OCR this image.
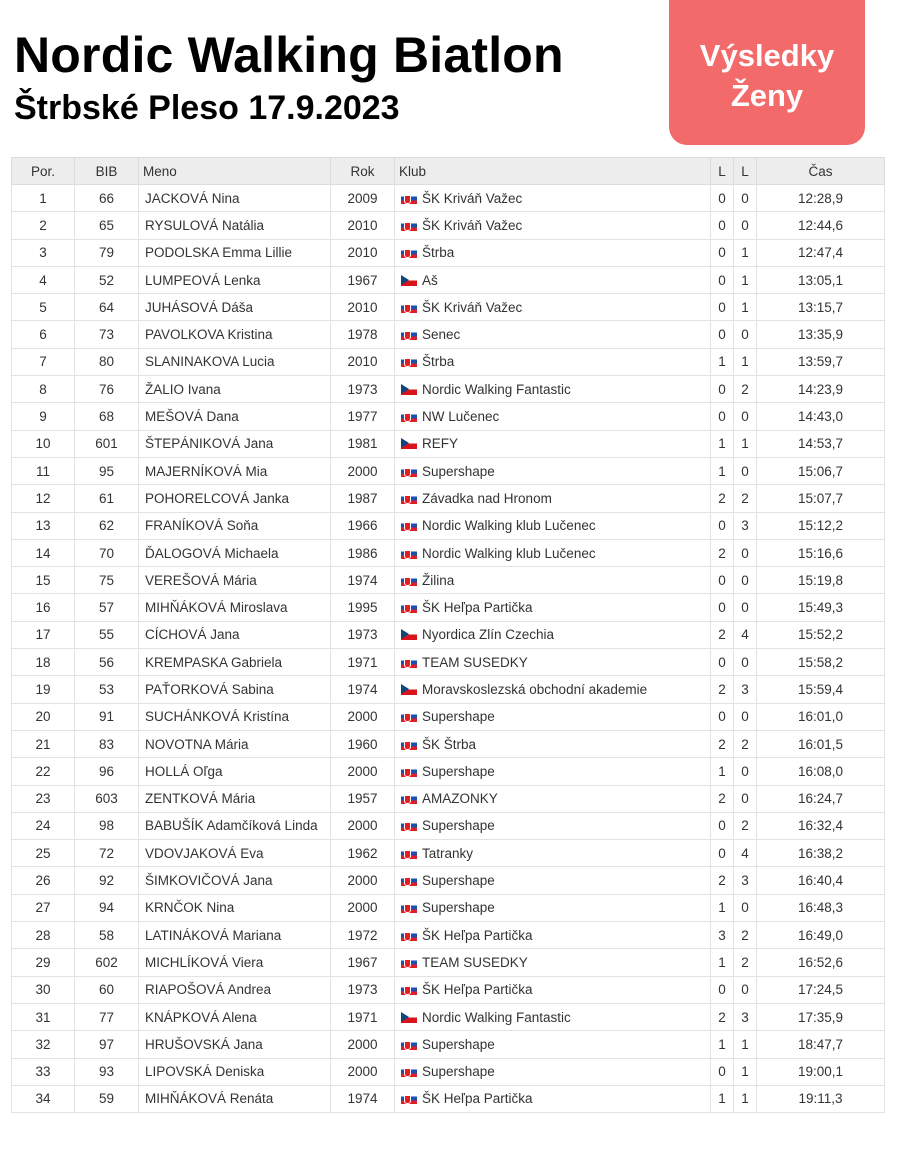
Nordic Walking Biatlon
Štrbské Pleso 17.9.2023
Výsledky
Ženy
Por.	BIB	Meno	Rok	Klub	L	L	Čas
1	66	JACKOVÁ Nina	2009	ŠK Kriváň Važec	0	0	12:28,9
2	65	RYSULOVÁ Natália	2010	ŠK Kriváň Važec	0	0	12:44,6
3	79	PODOLSKA Emma Lillie	2010	Štrba	0	1	12:47,4
4	52	LUMPEOVÁ Lenka	1967	Aš	0	1	13:05,1
5	64	JUHÁSOVÁ Dáša	2010	ŠK Kriváň Važec	0	1	13:15,7
6	73	PAVOLKOVA Kristina	1978	Senec	0	0	13:35,9
7	80	SLANINAKOVA Lucia	2010	Štrba	1	1	13:59,7
8	76	ŽALIO Ivana	1973	Nordic Walking Fantastic	0	2	14:23,9
9	68	MEŠOVÁ Dana	1977	NW Lučenec	0	0	14:43,0
10	601	ŠTEPÁNIKOVÁ Jana	1981	REFY	1	1	14:53,7
11	95	MAJERNÍKOVÁ Mia	2000	Supershape	1	0	15:06,7
12	61	POHORELCOVÁ Janka	1987	Závadka nad Hronom	2	2	15:07,7
13	62	FRANÍKOVÁ Soňa	1966	Nordic Walking klub Lučenec	0	3	15:12,2
14	70	ĎALOGOVÁ Michaela	1986	Nordic Walking klub Lučenec	2	0	15:16,6
15	75	VEREŠOVÁ Mária	1974	Žilina	0	0	15:19,8
16	57	MIHŇÁKOVÁ Miroslava	1995	ŠK Heľpa Partička	0	0	15:49,3
17	55	CÍCHOVÁ Jana	1973	Nyordica Zlín Czechia	2	4	15:52,2
18	56	KREMPASKA Gabriela	1971	TEAM SUSEDKY	0	0	15:58,2
19	53	PAŤORKOVÁ Sabina	1974	Moravskoslezská obchodní akademie	2	3	15:59,4
20	91	SUCHÁNKOVÁ Kristína	2000	Supershape	0	0	16:01,0
21	83	NOVOTNA Mária	1960	ŠK Štrba	2	2	16:01,5
22	96	HOLLÁ Oľga	2000	Supershape	1	0	16:08,0
23	603	ZENTKOVÁ Mária	1957	AMAZONKY	2	0	16:24,7
24	98	BABUŠÍK Adamčíková Linda	2000	Supershape	0	2	16:32,4
25	72	VDOVJAKOVÁ Eva	1962	Tatranky	0	4	16:38,2
26	92	ŠIMKOVIČOVÁ Jana	2000	Supershape	2	3	16:40,4
27	94	KRNČOK Nina	2000	Supershape	1	0	16:48,3
28	58	LATINÁKOVÁ Mariana	1972	ŠK Heľpa Partička	3	2	16:49,0
29	602	MICHLÍKOVÁ Viera	1967	TEAM SUSEDKY	1	2	16:52,6
30	60	RIAPOŠOVÁ Andrea	1973	ŠK Heľpa Partička	0	0	17:24,5
31	77	KNÁPKOVÁ Alena	1971	Nordic Walking Fantastic	2	3	17:35,9
32	97	HRUŠOVSKÁ Jana	2000	Supershape	1	1	18:47,7
33	93	LIPOVSKÁ Deniska	2000	Supershape	0	1	19:00,1
34	59	MIHŇÁKOVÁ Renáta	1974	ŠK Heľpa Partička	1	1	19:11,3
